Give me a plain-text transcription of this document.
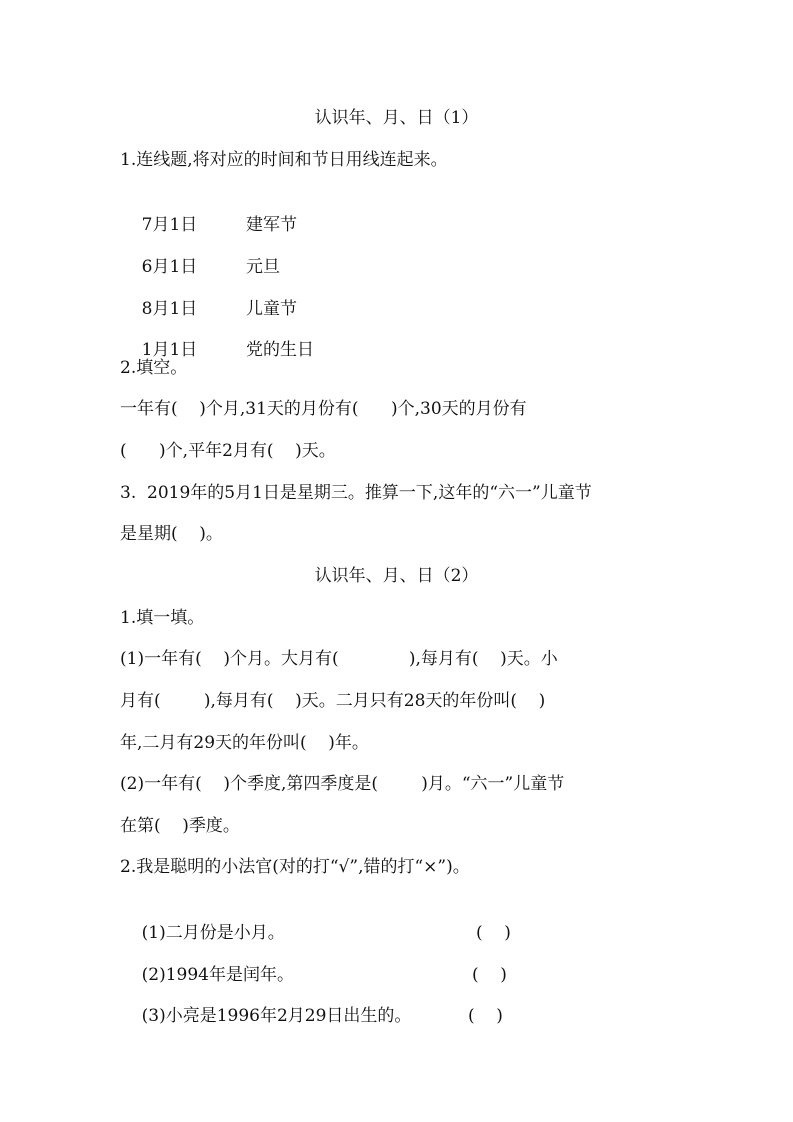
认识年、月、日（1）
1.连线题,将对应的时间和节日用线连起来。

7月1日	建军节

6月1日	元旦

8月1日	儿童节

1月1日	党的生日

2.填空。
一年有(    )个月,31天的月份有(      )个,30天的月份有
(      )个,平年2月有(    )天。
3.  2019年的5月1日是星期三。推算一下,这年的“六一”儿童节
是星期(    )。
认识年、月、日（2）
1.填一填。
(1)一年有(    )个月。大月有(             ),每月有(    )天。小
月有(        ),每月有(    )天。二月只有28天的年份叫(    )
年,二月有29天的年份叫(    )年。
(2)一年有(    )个季度,第四季度是(        )月。“六一”儿童节
在第(    )季度。
2.我是聪明的小法官(对的打“√”,错的打“×”)。

(1)二月份是小月。	(    )

(2)1994年是闰年。	(    )

(3)小亮是1996年2月29日出生的。	(    )
